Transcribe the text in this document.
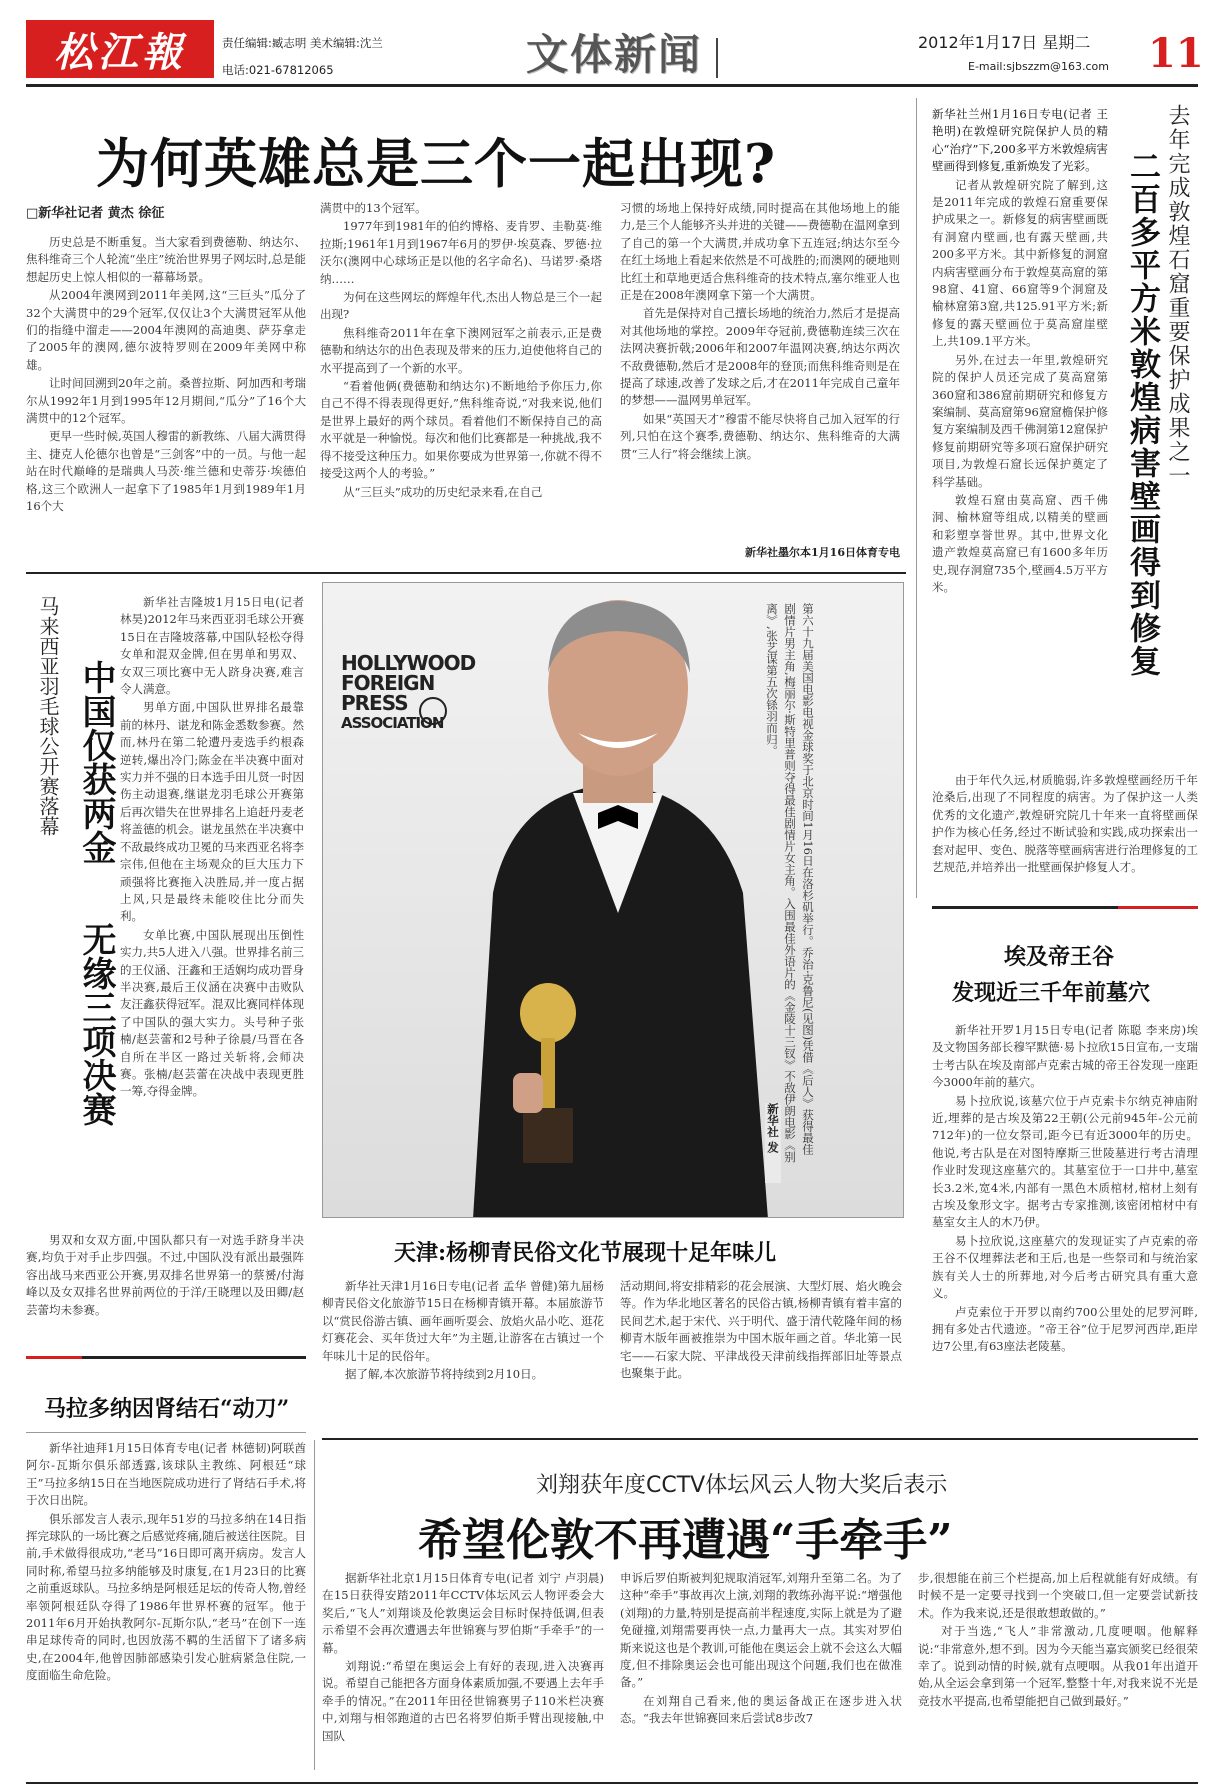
松江報	责任编辑:臧志明 美术编辑:沈兰
电话:021-67812065	文体新闻	2012年1月17日 星期二
E-mail:sjbszzm@163.com 11
为何英雄总是三个一起出现?
□新华社记者 黄杰 徐征

历史总是不断重复。当大家看到费德勒、纳达尔、焦科维奇三个人轮流“坐庄”统治世界男子网坛时,总是能想起历史上惊人相似的一幕幕场景。

从2004年澳网到2011年美网,这“三巨头”瓜分了32个大满贯中的29个冠军,仅仅让3个大满贯冠军从他们的指缝中溜走——2004年澳网的高迪奥、萨芬拿走了2005年的澳网,德尔波特罗则在2009年美网中称雄。

让时间回溯到20年之前。桑普拉斯、阿加西和考瑞尔从1992年1月到1995年12月期间,“瓜分”了16个大满贯中的12个冠军。

更早一些时候,英国人穆雷的新教练、八届大满贯得主、捷克人伦德尔也曾是“三剑客”中的一员。与他一起站在时代巅峰的是瑞典人马茨·维兰德和史蒂芬·埃德伯格,这三个欧洲人一起拿下了1985年1月到1989年1月16个大

满贯中的13个冠军。

1977年到1981年的伯约博格、麦肯罗、圭勒莫·维拉斯;1961年1月到1967年6月的罗伊·埃莫森、罗德·拉沃尔(澳网中心球场正是以他的名字命名)、马诺罗·桑塔纳……

为何在这些网坛的辉煌年代,杰出人物总是三个一起出现?

焦科维奇2011年在拿下澳网冠军之前表示,正是费德勒和纳达尔的出色表现及带来的压力,迫使他将自己的水平提高到了一个新的水平。

“看着他俩(费德勒和纳达尔)不断地给予你压力,你自己不得不得表现得更好,”焦科维奇说,“对我来说,他们是世界上最好的两个球员。看着他们不断保持自己的高水平就是一种愉悦。每次和他们比赛都是一种挑战,我不得不接受这种压力。如果你要成为世界第一,你就不得不接受这两个人的考验。”

从“三巨头”成功的历史纪录来看,在自己

习惯的场地上保持好成绩,同时提高在其他场地上的能力,是三个人能够齐头并进的关键——费德勒在温网拿到了自己的第一个大满贯,并成功拿下五连冠;纳达尔至今在红土场地上看起来依然是不可战胜的;而澳网的硬地则比红土和草地更适合焦科维奇的技术特点,塞尔维亚人也正是在2008年澳网拿下第一个大满贯。

首先是保持对自己擅长场地的统治力,然后才是提高对其他场地的掌控。2009年夺冠前,费德勒连续三次在法网决赛折戟;2006年和2007年温网决赛,纳达尔两次不敌费德勒,然后才是2008年的登顶;而焦科维奇则是在提高了球速,改善了发球之后,才在2011年完成自己童年的梦想——温网男单冠军。

如果“英国天才”穆雷不能尽快将自己加入冠军的行列,只怕在这个赛季,费德勒、纳达尔、焦科维奇的大满贯“三人行”将会继续上演。

新华社墨尔本1月16日体育专电
去年完成敦煌石窟重要保护成果之一
二百多平方米敦煌病害壁画得到修复

新华社兰州1月16日专电(记者 王艳明)在敦煌研究院保护人员的精心“治疗”下,200多平方米敦煌病害壁画得到修复,重新焕发了光彩。

记者从敦煌研究院了解到,这是2011年完成的敦煌石窟重要保护成果之一。新修复的病害壁画既有洞窟内壁画,也有露天壁画,共200多平方米。其中新修复的洞窟内病害壁画分布于敦煌莫高窟的第98窟、41窟、66窟等9个洞窟及榆林窟第3窟,共125.91平方米;新修复的露天壁画位于莫高窟崖壁上,共109.1平方米。

另外,在过去一年里,敦煌研究院的保护人员还完成了莫高窟第360窟和386窟前期研究和修复方案编制、莫高窟第96窟窟檐保护修复方案编制及西千佛洞第12窟保护修复前期研究等多项石窟保护研究项目,为敦煌石窟长远保护奠定了科学基础。

敦煌石窟由莫高窟、西千佛洞、榆林窟等组成,以精美的壁画和彩塑享誉世界。其中,世界文化遗产敦煌莫高窟已有1600多年历史,现存洞窟735个,壁画4.5万平方米。

由于年代久远,材质脆弱,许多敦煌壁画经历千年沧桑后,出现了不同程度的病害。为了保护这一人类优秀的文化遗产,敦煌研究院几十年来一直将壁画保护作为核心任务,经过不断试验和实践,成功探索出一套对起甲、变色、脱落等壁画病害进行治理修复的工艺规范,并培养出一批壁画保护修复人才。

马来西亚羽毛球公开赛落幕 中国仅获两金
无缘三项决赛

新华社吉隆坡1月15日电(记者 林昊)2012年马来西亚羽毛球公开赛15日在吉隆坡落幕,中国队轻松夺得女单和混双金牌,但在男单和男双、女双三项比赛中无人跻身决赛,难言令人满意。

男单方面,中国队世界排名最靠前的林丹、谌龙和陈金悉数参赛。然而,林丹在第二轮遭丹麦选手约根森逆转,爆出冷门;陈金在半决赛中面对实力并不强的日本选手田儿贤一时因伤主动退赛,继谌龙羽毛球公开赛第后再次错失在世界排名上追赶丹麦老将盖德的机会。谌龙虽然在半决赛中不敌最终成功卫冕的马来西亚名将李宗伟,但他在主场观众的巨大压力下顽强将比赛拖入决胜局,并一度占据上风,只是最终未能咬住比分而失利。

女单比赛,中国队展现出压倒性实力,共5人进入八强。世界排名前三的王仪涵、汪鑫和王适娴均成功晋身半决赛,最后王仪涵在决赛中击败队友汪鑫获得冠军。混双比赛同样体现了中国队的强大实力。头号种子张楠/赵芸蕾和2号种子徐晨/马晋在各自所在半区一路过关斩将,会师决赛。张楠/赵芸蕾在决战中表现更胜一筹,夺得金牌。

男双和女双方面,中国队都只有一对选手跻身半决赛,均负于对手止步四强。不过,中国队没有派出最强阵容出战马来西亚公开赛,男双排名世界第一的蔡赟/付海峰以及女双排名世界前两位的于洋/王晓理以及田卿/赵芸蕾均未参赛。

HOLLYWOOD
FOREIGN
PRESS
ASSOCIATION	第六十九届美国电影电视金球奖于北京时间1月16日在洛杉矶举行。乔治·克鲁尼(见图)凭借《后人》获得最佳剧情片男主角,梅丽尔·斯特里普则夺得最佳剧情片女主角。入围最佳外语片的《金陵十三钗》不敌伊朗电影《别离》,张艺谋第五次铩羽而归。
新华社 发
天津:杨柳青民俗文化节展现十足年味儿

新华社天津1月16日专电(记者 孟华 曾健)第九届杨柳青民俗文化旅游节15日在杨柳青镇开幕。本届旅游节以“赏民俗游古镇、画年画听耍会、放焰火品小吃、逛花灯赛花会、买年货过大年”为主题,让游客在古镇过一个年味儿十足的民俗年。

据了解,本次旅游节将持续到2月10日。

活动期间,将安排精彩的花会展演、大型灯展、焰火晚会等。作为华北地区著名的民俗古镇,杨柳青镇有着丰富的民间艺术,起于宋代、兴于明代、盛于清代乾隆年间的杨柳青木版年画被推崇为中国木版年画之首。华北第一民宅——石家大院、平津战役天津前线指挥部旧址等景点也聚集于此。

埃及帝王谷
发现近三千年前墓穴

新华社开罗1月15日专电(记者 陈聪 李来房)埃及文物国务部长穆罕默德·易卜拉欣15日宣布,一支瑞士考古队在埃及南部卢克索古城的帝王谷发现一座距今3000年前的墓穴。

易卜拉欣说,该墓穴位于卢克索卡尔纳克神庙附近,埋葬的是古埃及第22王朝(公元前945年-公元前712年)的一位女祭司,距今已有近3000年的历史。他说,考古队是在对图特摩斯三世陵墓进行考古清理作业时发现这座墓穴的。其墓室位于一口井中,墓室长3.2米,宽4米,内部有一黑色木质棺材,棺材上刻有古埃及象形文字。据考古专家推测,该密闭棺材中有墓室女主人的木乃伊。

易卜拉欣说,这座墓穴的发现证实了卢克索的帝王谷不仅埋葬法老和王后,也是一些祭司和与统治家族有关人士的所葬地,对今后考古研究具有重大意义。

卢克索位于开罗以南约700公里处的尼罗河畔,拥有多处古代遗迹。“帝王谷”位于尼罗河西岸,距岸边7公里,有63座法老陵墓。

马拉多纳因肾结石“动刀”

新华社迪拜1月15日体育专电(记者 林德韧)阿联酋阿尔-瓦斯尔俱乐部透露,该球队主教练、阿根廷“球王”马拉多纳15日在当地医院成功进行了肾结石手术,将于次日出院。

俱乐部发言人表示,现年51岁的马拉多纳在14日指挥完球队的一场比赛之后感觉疼痛,随后被送往医院。目前,手术做得很成功,“老马”16日即可离开病房。发言人同时称,希望马拉多纳能够及时康复,在1月23日的比赛之前重返球队。马拉多纳是阿根廷足坛的传奇人物,曾经率领阿根廷队夺得了1986年世界杯赛的冠军。他于2011年6月开始执教阿尔-瓦斯尔队,“老马”在创下一连串足球传奇的同时,也因放荡不羁的生活留下了诸多病史,在2004年,他曾因肺部感染引发心脏病紧急住院,一度面临生命危险。

刘翔获年度CCTV体坛风云人物大奖后表示
希望伦敦不再遭遇“手牵手”

据新华社北京1月15日体育专电(记者 刘宁 卢羽晨)在15日获得安踏2011年CCTV体坛风云人物评委会大奖后,“飞人”刘翔谈及伦敦奥运会目标时保持低调,但表示希望不会再次遭遇去年世锦赛与罗伯斯“手牵手”的一幕。

刘翔说:“希望在奥运会上有好的表现,进入决赛再说。希望自己能把各方面身体素质加强,不要遇上去年手牵手的情况。”在2011年田径世锦赛男子110米栏决赛中,刘翔与相邻跑道的古巴名将罗伯斯手臂出现接触,中国队

申诉后罗伯斯被判犯规取消冠军,刘翔升至第二名。为了这种“牵手”事故再次上演,刘翔的教练孙海平说:“增强他(刘翔)的力量,特别是提高前半程速度,实际上就是为了避免碰撞,刘翔需要再快一点,力量再大一点。其实对罗伯斯来说这也是个教训,可能他在奥运会上就不会这么大幅度,但不排除奥运会也可能出现这个问题,我们也在做准备。”

在刘翔自己看来,他的奥运备战正在逐步进入状态。“我去年世锦赛回来后尝试8步改7

步,很想能在前三个栏提高,加上后程就能有好成绩。有时候不是一定要寻找到一个突破口,但一定要尝试新技术。作为我来说,还是很敢想敢做的。”

对于当选,“飞人”非常激动,几度哽咽。他解释说:“非常意外,想不到。因为今天能当嘉宾颁奖已经很荣幸了。说到动情的时候,就有点哽咽。从我01年出道开始,从全运会拿到第一个冠军,整整十年,对我来说不光是竞技水平提高,也希望能把自己做到最好。”
